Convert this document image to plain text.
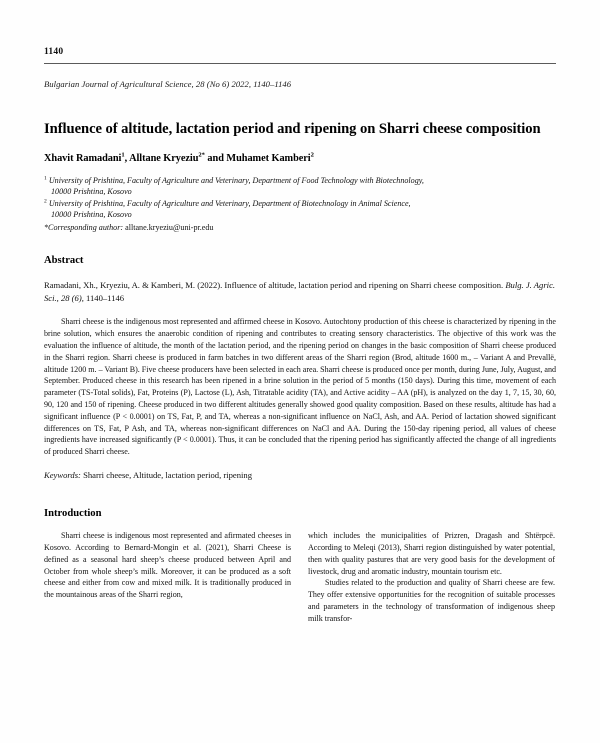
1140
Bulgarian Journal of Agricultural Science, 28 (No 6) 2022, 1140–1146
Influence of altitude, lactation period and ripening on Sharri cheese composition
Xhavit Ramadani$^1$, Alltane Kryeziu$^{2*}$ and Muhamet Kamberi$^2$
$^1$ University of Prishtina, Faculty of Agriculture and Veterinary, Department of Food Technology with Biotechnology,
10000 Prishtina, Kosovo
$^2$ University of Prishtina, Faculty of Agriculture and Veterinary, Department of Biotechnology in Animal Science,
10000 Prishtina, Kosovo
*Corresponding author: alltane.kryeziu@uni-pr.edu
Abstract
Ramadani, Xh., Kryeziu, A. & Kamberi, M. (2022). Influence of altitude, lactation period and ripening on Sharri cheese composition. Bulg. J. Agric. Sci., 28 (6), 1140–1146
Sharri cheese is the indigenous most represented and affirmed cheese in Kosovo. Autochtony production of this cheese is characterized by ripening in the brine solution, which ensures the anaerobic condition of ripening and contributes to creating sensory characteristics. The objective of this work was the evaluation the influence of altitude, the month of the lactation period, and the ripening period on changes in the basic composition of Sharri cheese produced in the Sharri region. Sharri cheese is produced in farm batches in two different areas of the Sharri region (Brod, altitude 1600 m., – Variant A and Prevallë, altitude 1200 m. – Variant B). Five cheese producers have been selected in each area. Sharri cheese is produced once per month, during June, July, August, and September. Produced cheese in this research has been ripened in a brine solution in the period of 5 months (150 days). During this time, movement of each parameter (TS-Total solids), Fat, Proteins (P), Lactose (L), Ash, Titratable acidity (TA), and Active acidity – AA (pH), is analyzed on the day 1, 7, 15, 30, 60, 90, 120 and 150 of ripening. Cheese produced in two different altitudes generally showed good quality composition. Based on these results, altitude has had a significant influence (P < 0.0001) on TS, Fat, P, and TA, whereas a non-significant influence on NaCl, Ash, and AA. Period of lactation showed significant differences on TS, Fat, P Ash, and TA, whereas non-significant differences on NaCl and AA. During the 150-day ripening period, all values of cheese ingredients have increased significantly (P < 0.0001). Thus, it can be concluded that the ripening period has significantly affected the change of all ingredients of produced Sharri cheese.
Keywords: Sharri cheese, Altitude, lactation period, ripening
Introduction

Sharri cheese is indigenous most represented and afirmated cheeses in Kosovo. According to Bernard-Mongin et al. (2021), Sharri Cheese is defined as a seasonal hard sheep’s cheese produced between April and October from whole sheep’s milk. Moreover, it can be produced as a soft cheese and either from cow and mixed milk. It is traditionally produced in the mountainous areas of the Sharri region,

which includes the municipalities of Prizren, Dragash and Shtërpcë. According to Meleqi (2013), Sharri region distinguished by water potential, then with quality pastures that are very good basis for the development of livestock, drug and aromatic industry, mountain tourism etc.

Studies related to the production and quality of Sharri cheese are few. They offer extensive opportunities for the recognition of suitable processes and parameters in the technology of transformation of indigenous sheep milk transfor-
